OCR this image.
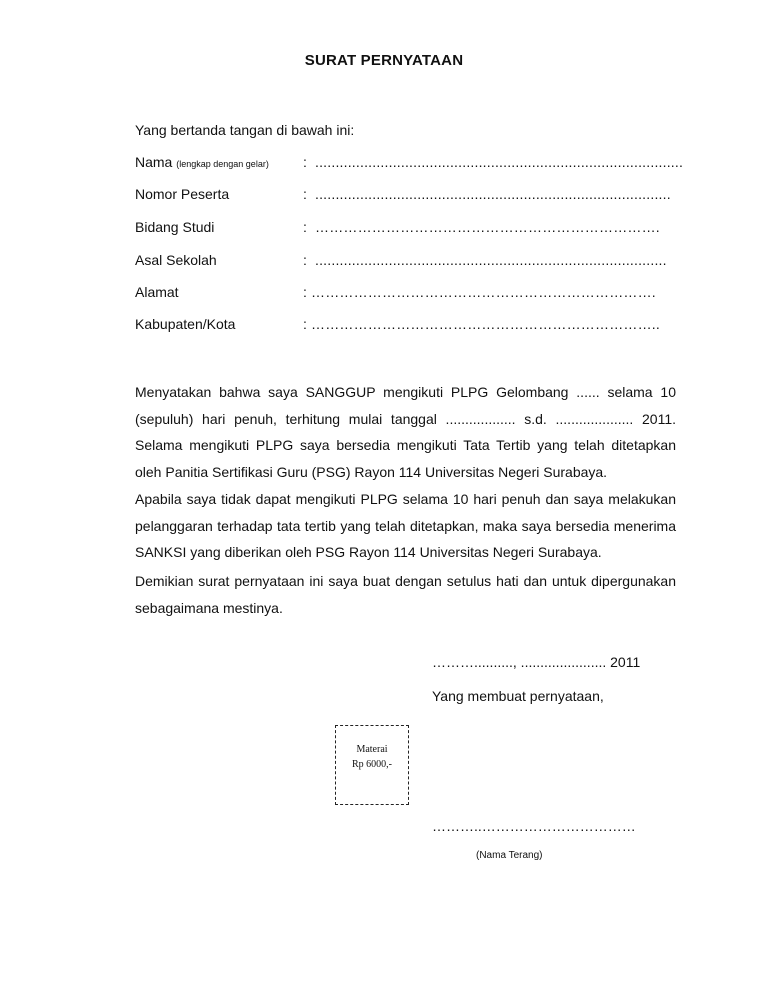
SURAT PERNYATAAN
Yang bertanda tangan di bawah ini:
Nama (lengkap dengan gelar) : ..........................................................................................
Nomor Peserta	: .......................................................................................
Bidang Studi	: ……………………………………………………………….
Asal Sekolah	: ......................................................................................
Alamat	: ……………………………………………………………….
Kabupaten/Kota	: ………………………………………………………………..
Menyatakan bahwa saya SANGGUP mengikuti PLPG Gelombang ...... selama 10 (sepuluh) hari penuh, terhitung mulai tanggal .................. s.d. .................... 2011. Selama mengikuti PLPG saya bersedia mengikuti Tata Tertib yang telah ditetapkan oleh Panitia Sertifikasi Guru (PSG) Rayon 114 Universitas Negeri Surabaya.
Apabila saya tidak dapat mengikuti PLPG selama 10 hari penuh dan saya melakukan pelanggaran terhadap tata tertib yang telah ditetapkan, maka saya bersedia menerima SANKSI yang diberikan oleh PSG Rayon 114 Universitas Negeri Surabaya.
Demikian surat pernyataan ini saya buat dengan setulus hati dan untuk dipergunakan sebagaimana mestinya.
……….........., ...................... 2011
Yang membuat pernyataan,
Materai
Rp 6000,-
………..……………………………
(Nama Terang)
